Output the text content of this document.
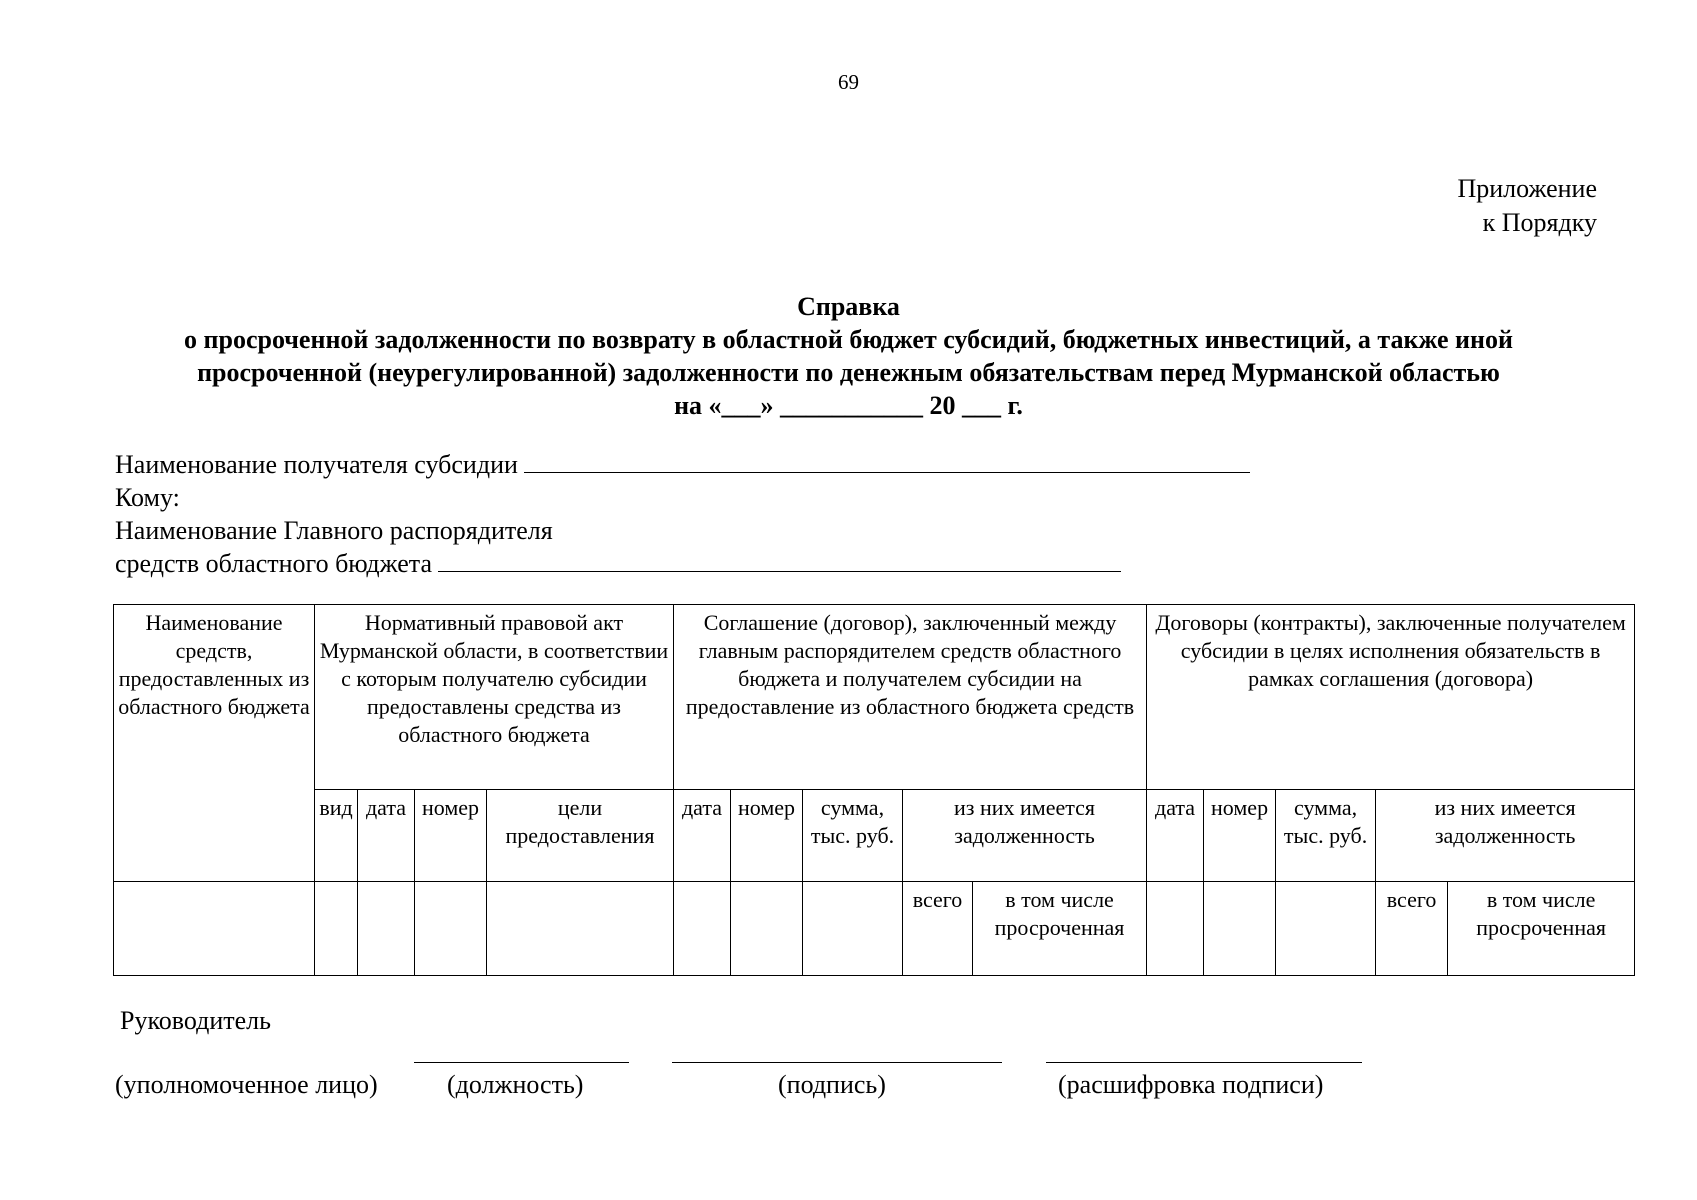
69
Приложение
к Порядку
Справка
о просроченной задолженности по возврату в областной бюджет субсидий, бюджетных инвестиций, а также иной
просроченной (неурегулированной) задолженности по денежным обязательствам перед Мурманской областью
на «___» ___________ 20 ___ г.
Наименование получателя субсидии
Кому:
Наименование Главного распорядителя
средств областного бюджета
Наименование средств, предоставленных из областного бюджета	Нормативный правовой акт Мурманской области, в соответствии с которым получателю субсидии предоставлены средства из областного бюджета				Соглашение (договор), заключенный между главным распорядителем средств областного бюджета и получателем субсидии на предоставление из областного бюджета средств					Договоры (контракты), заключенные получателем субсидии в целях исполнения обязательств в рамках соглашения (договора)				
	вид	дата	номер	цели предоставления	дата	номер	сумма, тыс. руб.	из них имеется задолженность		дата	номер	сумма, тыс. руб.	из них имеется задолженность	
								всего	в том числе просроченная				всего	в том числе просроченная
Руководитель
(уполномоченное лицо)	(должность)	(подпись)	(расшифровка подписи)
